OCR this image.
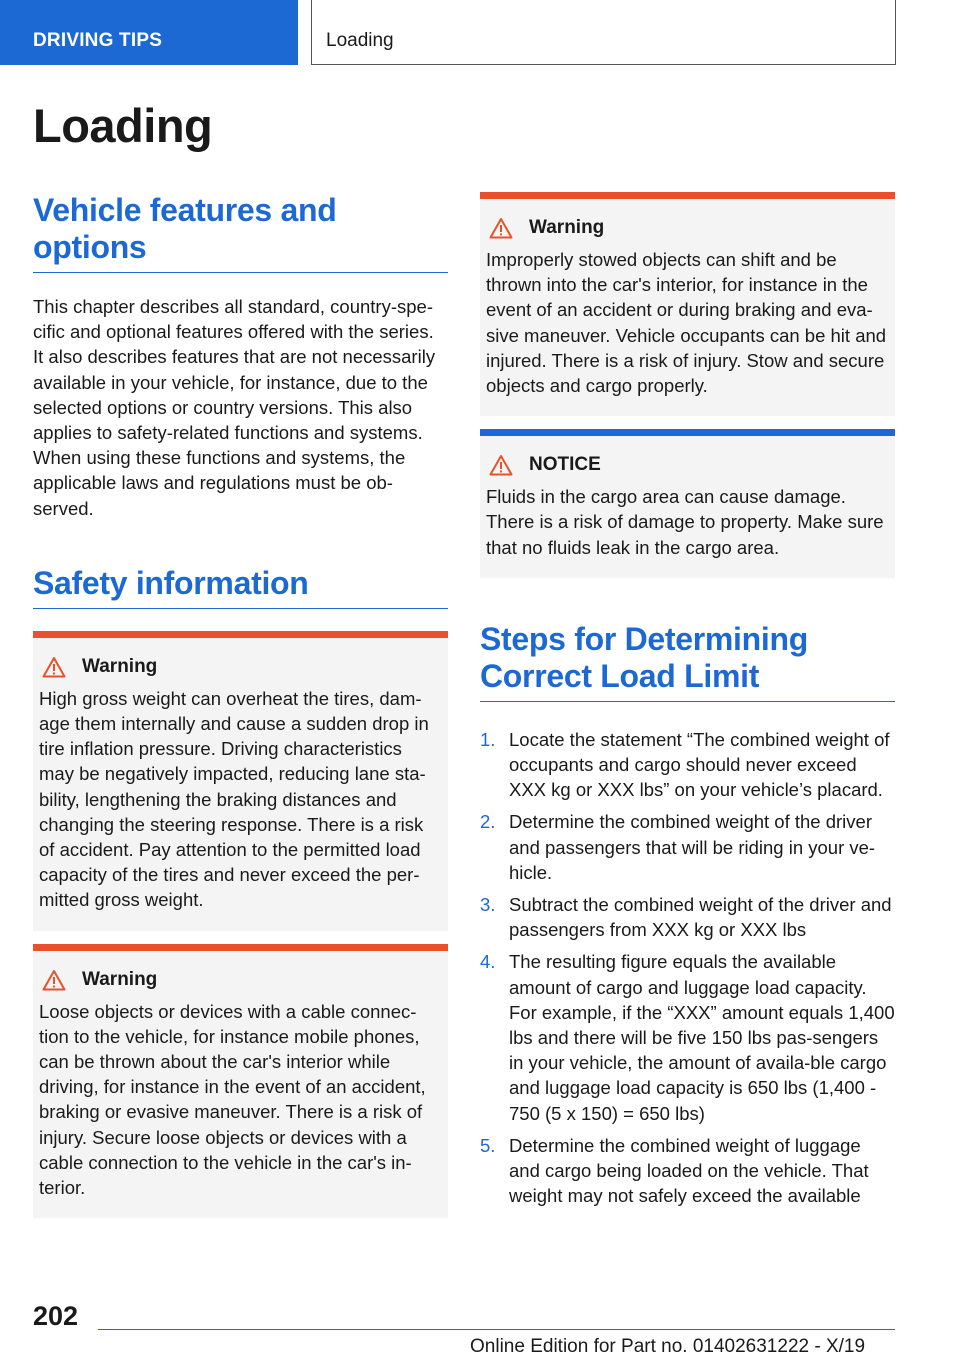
DRIVING TIPS	Loading
Loading
Vehicle features and options

This chapter describes all standard, country-spe-cific and optional features offered with the series. It also describes features that are not necessarily available in your vehicle, for instance, due to the selected options or country versions. This also applies to safety-related functions and systems. When using these functions and systems, the applicable laws and regulations must be ob-served.

Safety information
Warning
High gross weight can overheat the tires, dam-age them internally and cause a sudden drop in tire inflation pressure. Driving characteristics may be negatively impacted, reducing lane sta-bility, lengthening the braking distances and changing the steering response. There is a risk of accident. Pay attention to the permitted load capacity of the tires and never exceed the per-mitted gross weight.
Warning
Loose objects or devices with a cable connec-tion to the vehicle, for instance mobile phones, can be thrown about the car's interior while driving, for instance in the event of an accident, braking or evasive maneuver. There is a risk of injury. Secure loose objects or devices with a cable connection to the vehicle in the car's in-terior.
Warning
Improperly stowed objects can shift and be thrown into the car's interior, for instance in the event of an accident or during braking and eva-sive maneuver. Vehicle occupants can be hit and injured. There is a risk of injury. Stow and secure objects and cargo properly.
NOTICE
Fluids in the cargo area can cause damage. There is a risk of damage to property. Make sure that no fluids leak in the cargo area.
Steps for Determining Correct Load Limit
1. Locate the statement “The combined weight of occupants and cargo should never exceed XXX kg or XXX lbs” on your vehicle’s placard.
2. Determine the combined weight of the driver and passengers that will be riding in your ve-hicle.
3. Subtract the combined weight of the driver and passengers from XXX kg or XXX lbs
4. The resulting figure equals the available amount of cargo and luggage load capacity. For example, if the “XXX” amount equals 1,400 lbs and there will be five 150 lbs pas-sengers in your vehicle, the amount of availa-ble cargo and luggage load capacity is 650 lbs (1,400 - 750 (5 x 150) = 650 lbs)
5. Determine the combined weight of luggage and cargo being loaded on the vehicle. That weight may not safely exceed the available
202
Online Edition for Part no. 01402631222 - X/19
